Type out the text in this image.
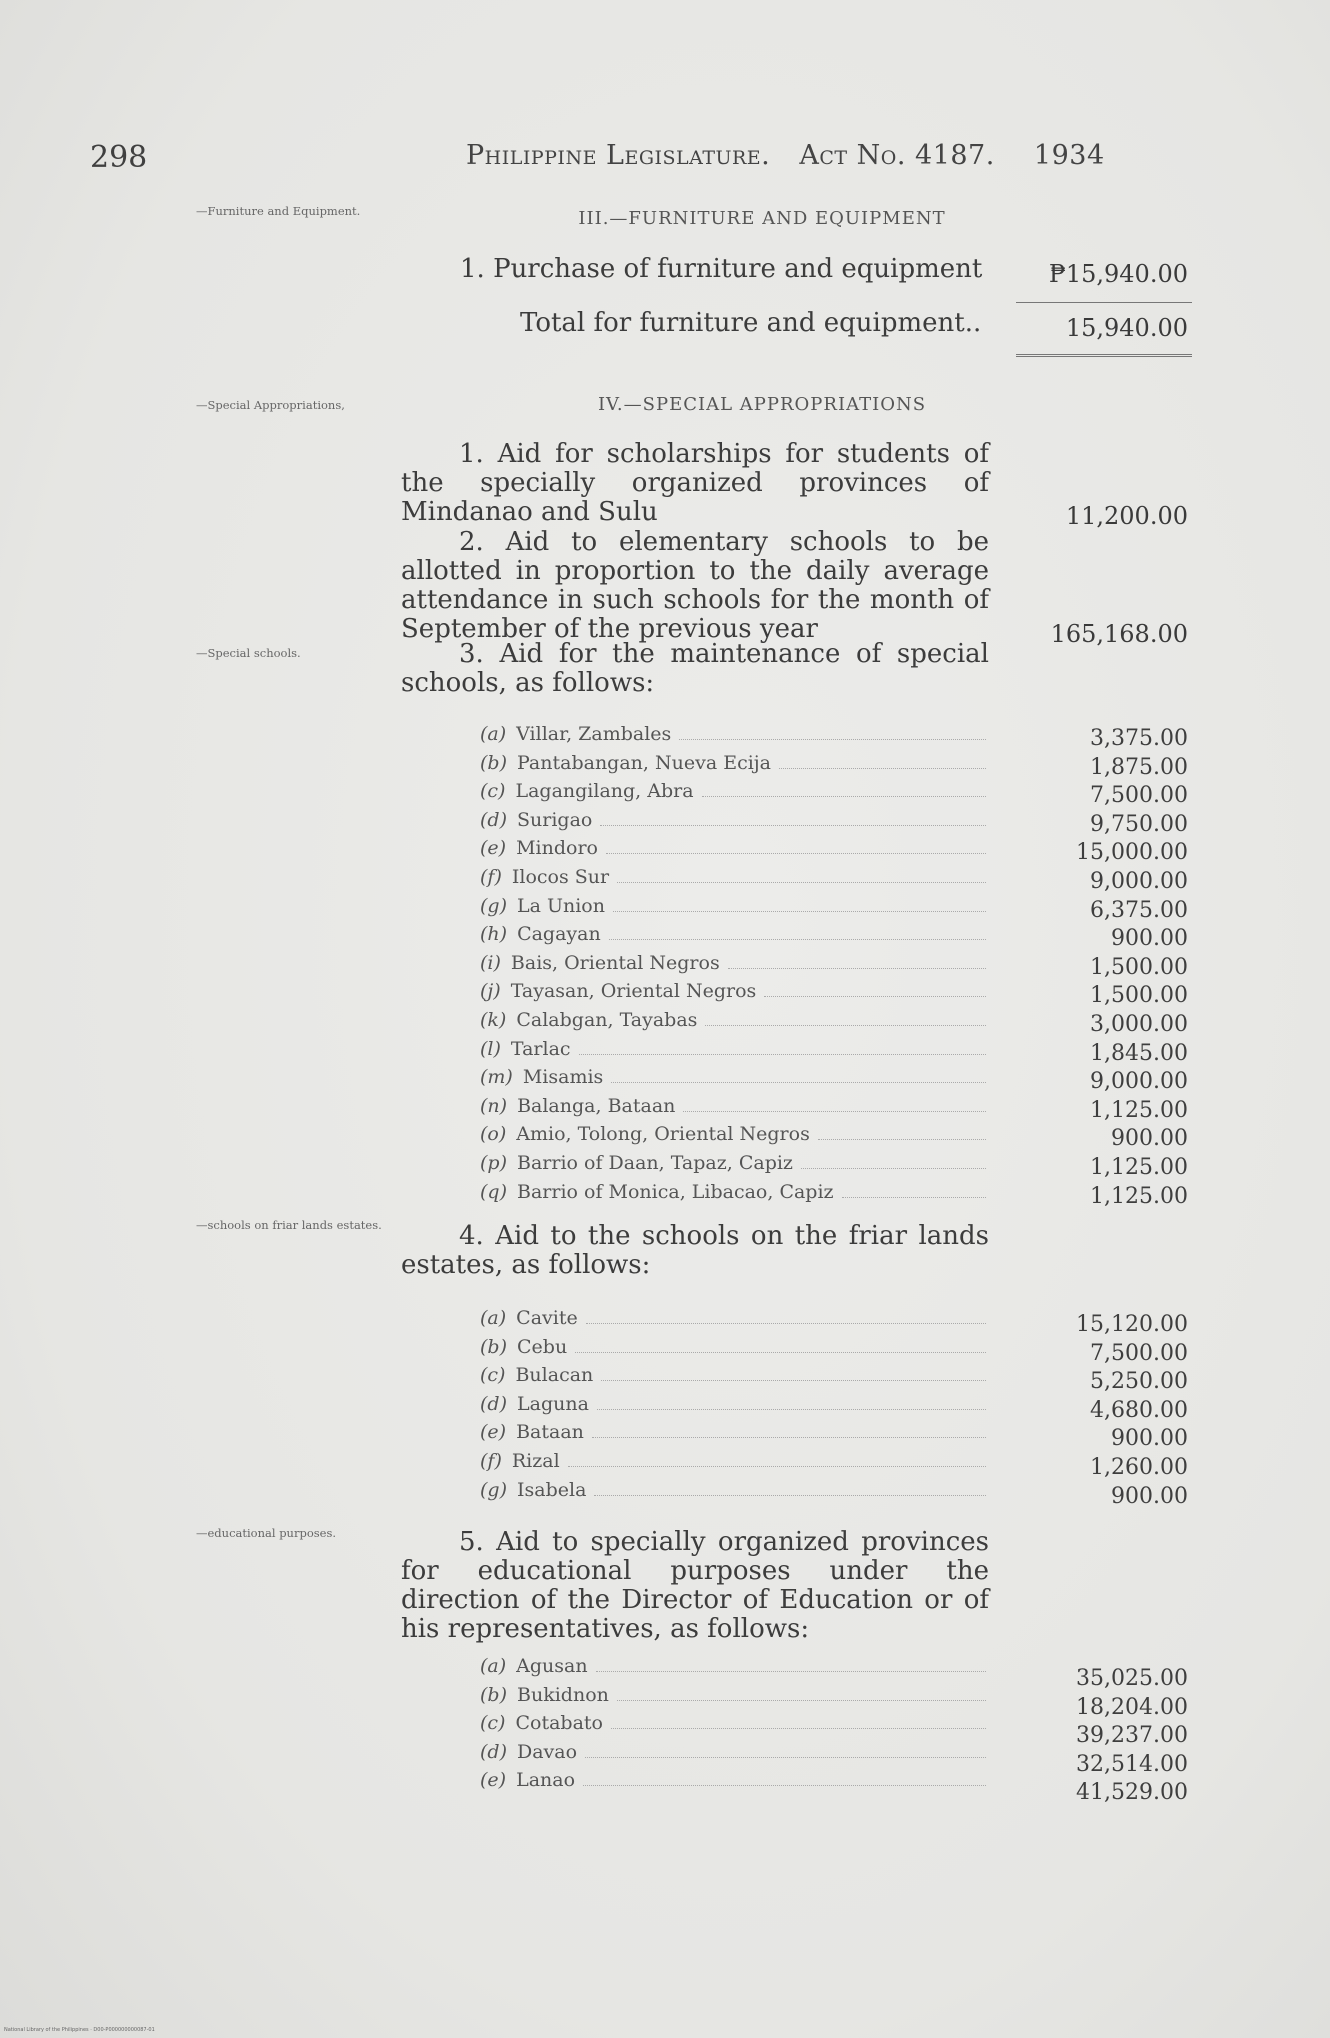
298	Philippine Legislature. Act No. 4187. 1934
—Furniture and Equipment.	III.—FURNITURE AND EQUIPMENT
1. Purchase of furniture and equipment	₱15,940.00
Total for furniture and equipment..	15,940.00
—Special Appropriations,	IV.—SPECIAL APPROPRIATIONS
1. Aid for scholarships for students of the specially organized provinces of Mindanao and Sulu	11,200.00
2. Aid to elementary schools to be allotted in proportion to the daily average attendance in such schools for the month of September of the previous year	165,168.00
—Special schools.	3. Aid for the maintenance of special schools, as follows:
(a) Villar, Zambales	3,375.00
(b) Pantabangan, Nueva Ecija	1,875.00
(c) Lagangilang, Abra	7,500.00
(d) Surigao	9,750.00
(e) Mindoro	15,000.00
(f) Ilocos Sur	9,000.00
(g) La Union	6,375.00
(h) Cagayan	900.00
(i) Bais, Oriental Negros	1,500.00
(j) Tayasan, Oriental Negros	1,500.00
(k) Calabgan, Tayabas	3,000.00
(l) Tarlac	1,845.00
(m) Misamis	9,000.00
(n) Balanga, Bataan	1,125.00
(o) Amio, Tolong, Oriental Negros	900.00
(p) Barrio of Daan, Tapaz, Capiz	1,125.00
(q) Barrio of Monica, Libacao, Capiz	1,125.00
—schools on friar lands estates.	4. Aid to the schools on the friar lands estates, as follows:
(a) Cavite	15,120.00
(b) Cebu	7,500.00
(c) Bulacan	5,250.00
(d) Laguna	4,680.00
(e) Bataan	900.00
(f) Rizal	1,260.00
(g) Isabela	900.00
—educational purposes.	5. Aid to specially organized provinces for educational purposes under the direction of the Director of Education or of his representatives, as follows:
(a) Agusan	35,025.00
(b) Bukidnon	18,204.00
(c) Cotabato	39,237.00
(d) Davao	32,514.00
(e) Lanao	41,529.00
National Library of the Philippines · D00-P000000000087-01
